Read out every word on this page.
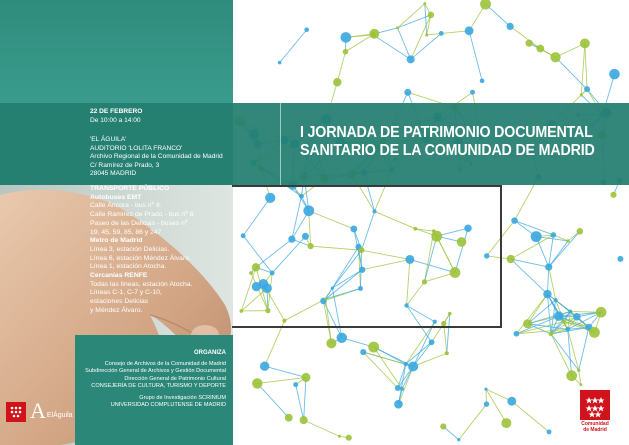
I JORNADA DE PATRIMONIO DOCUMENTAL
SANITARIO DE LA COMUNIDAD DE MADRID
22 DE FEBRERO
De 10:00 a 14:00
'EL ÁGUILA'
AUDITORIO 'LOLITA FRANCO'
Archivo Regional de la Comunidad de Madrid
C/ Ramírez de Prado, 3
28045 MADRID
TRANSPORTE PÚBLICO
Autobuses EMT
Calle Áncora - bus nº 8.
Calle Ramírez de Prado - bus nº 8.
Paseo de las Delicias - buses nº
19, 45, 59, 85, 86 y 247.
Metro de Madrid
Línea 3, estación Delicias.
Línea 6, estación Méndez Álvaro.
Línea 1, estación Atocha.
Cercanías RENFE
Todas las líneas, estación Atocha.
Líneas C-1, C-7 y C-10,
estaciones Delicias
y Méndez Álvaro.
ORGANIZA
Consejo de Archivos de la Comunidad de Madrid
Subdirección General de Archivos y Gestión Documental
Dirección General de Patrimonio Cultural
CONSEJERÍA DE CULTURA, TURISMO Y DEPORTE
Grupo de Investigación SCRINIUM
UNIVERSIDAD COMPLUTENSE DE MADRID
A ElÁguila
Comunidad
de Madrid
